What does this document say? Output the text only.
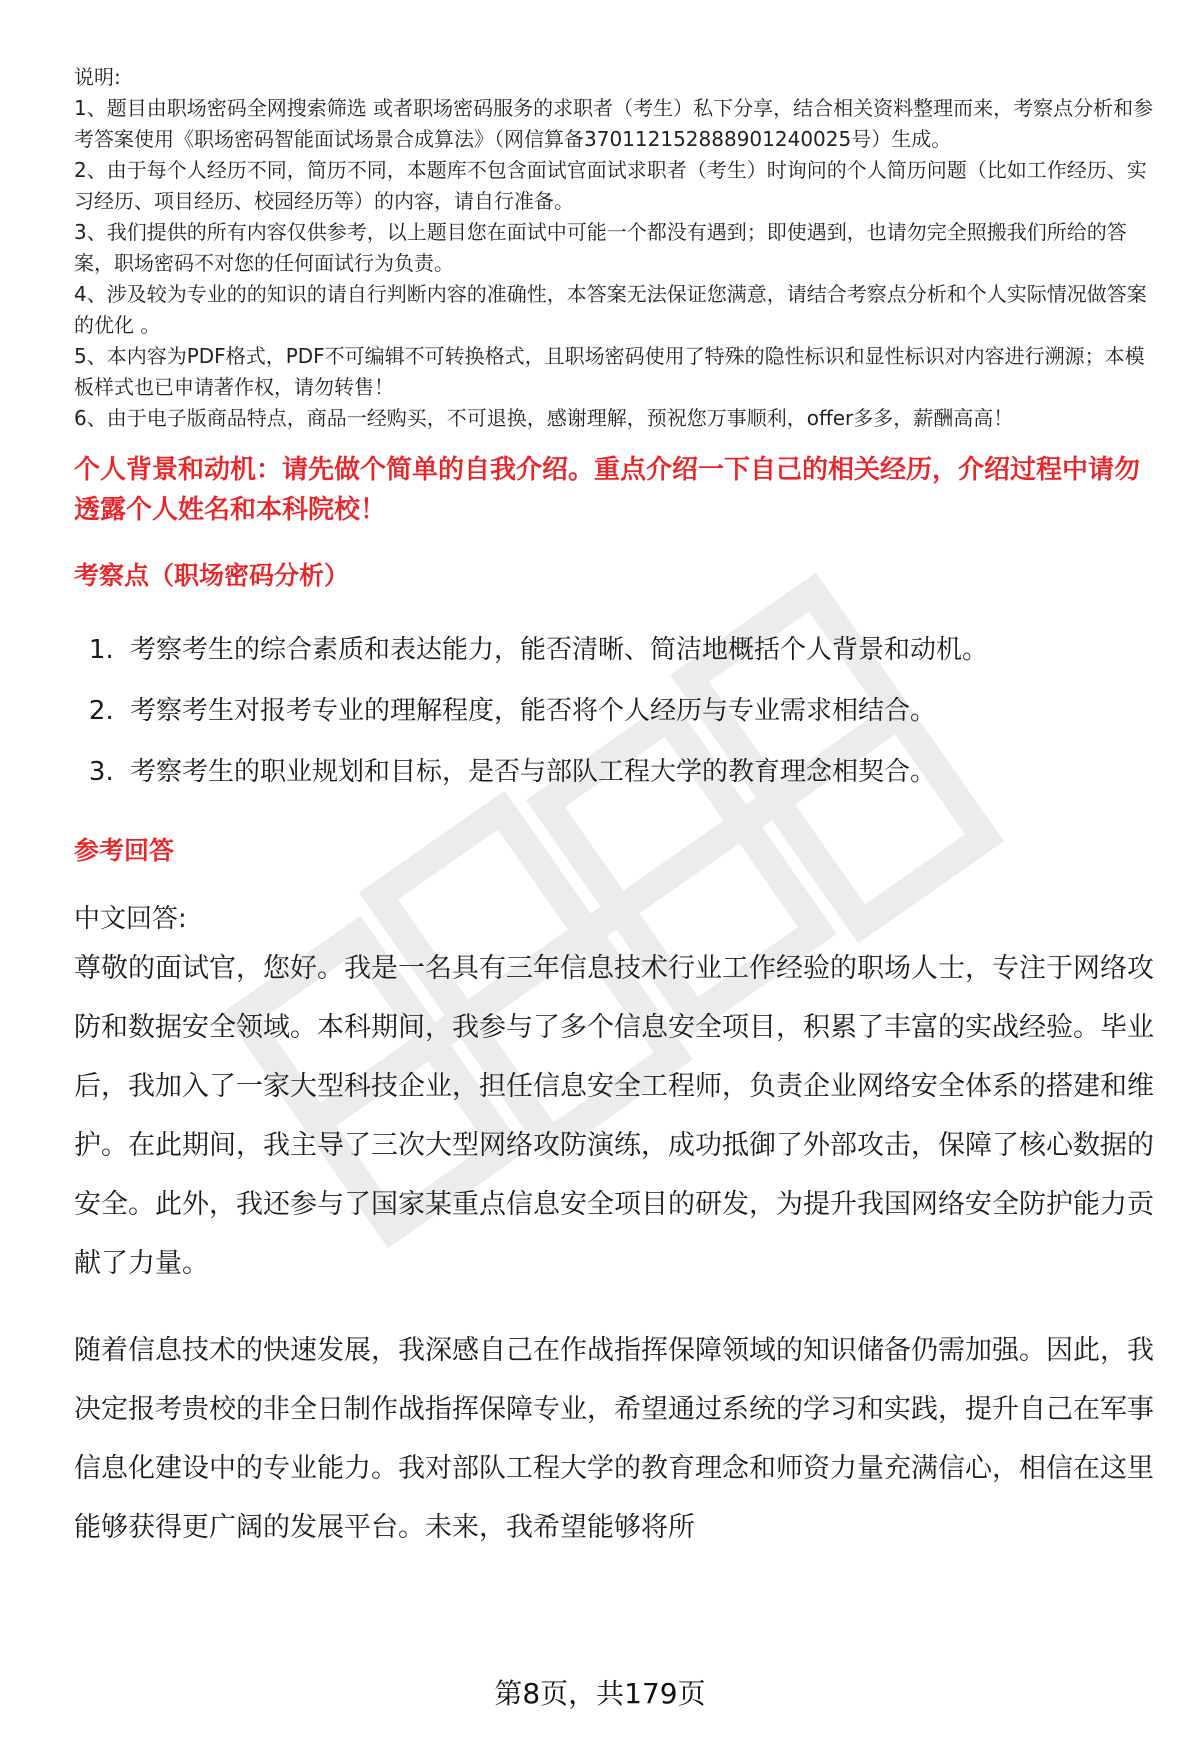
说明:

1、题目由职场密码全网搜索筛选 或者职场密码服务的求职者（考生）私下分享，结合相关资料整理而来，考察点分析和参考答案使用《职场密码智能面试场景合成算法》（网信算备370112152888901240025号）生成。

2、由于每个人经历不同，简历不同，本题库不包含面试官面试求职者（考生）时询问的个人简历问题（比如工作经历、实习经历、项目经历、校园经历等）的内容，请自行准备。

3、我们提供的所有内容仅供参考，以上题目您在面试中可能一个都没有遇到；即使遇到，也请勿完全照搬我们所给的答案，职场密码不对您的任何面试行为负责。

4、涉及较为专业的的知识的请自行判断内容的准确性，本答案无法保证您满意，请结合考察点分析和个人实际情况做答案的优化 。

5、本内容为PDF格式，PDF不可编辑不可转换格式，且职场密码使用了特殊的隐性标识和显性标识对内容进行溯源；本模板样式也已申请著作权，请勿转售！

6、由于电子版商品特点，商品一经购买，不可退换，感谢理解，预祝您万事顺利，offer多多，薪酬高高！

个人背景和动机：请先做个简单的自我介绍。重点介绍一下自己的相关经历，介绍过程中请勿透露个人姓名和本科院校！
考察点（职场密码分析）
1. 考察考生的综合素质和表达能力，能否清晰、简洁地概括个人背景和动机。
2. 考察考生对报考专业的理解程度，能否将个人经历与专业需求相结合。
3. 考察考生的职业规划和目标，是否与部队工程大学的教育理念相契合。
参考回答
中文回答:

尊敬的面试官，您好。我是一名具有三年信息技术行业工作经验的职场人士，专注于网络攻防和数据安全领域。本科期间，我参与了多个信息安全项目，积累了丰富的实战经验。毕业后，我加入了一家大型科技企业，担任信息安全工程师，负责企业网络安全体系的搭建和维护。在此期间，我主导了三次大型网络攻防演练，成功抵御了外部攻击，保障了核心数据的安全。此外，我还参与了国家某重点信息安全项目的研发，为提升我国网络安全防护能力贡献了力量。

随着信息技术的快速发展，我深感自己在作战指挥保障领域的知识储备仍需加强。因此，我决定报考贵校的非全日制作战指挥保障专业，希望通过系统的学习和实践，提升自己在军事信息化建设中的专业能力。我对部队工程大学的教育理念和师资力量充满信心，相信在这里能够获得更广阔的发展平台。未来，我希望能够将所

第8页，共179页
